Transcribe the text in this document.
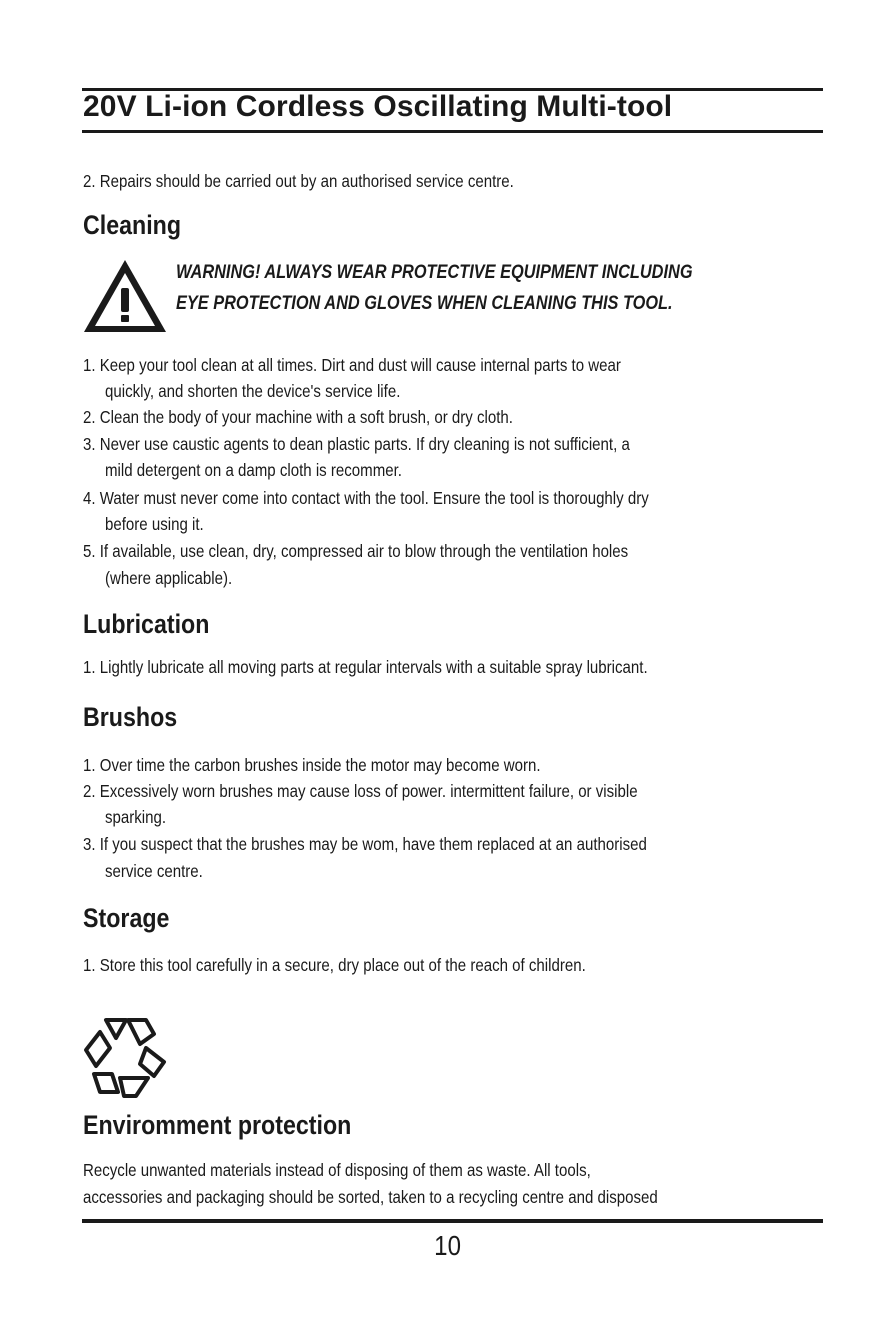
20V Li-ion Cordless Oscillating Multi-tool
2. Repairs should be carried out by an authorised service centre.
Cleaning
WARNING! ALWAYS WEAR PROTECTIVE EQUIPMENT INCLUDING
EYE PROTECTION AND GLOVES WHEN CLEANING THIS TOOL.
1. Keep your tool clean at all times. Dirt and dust will cause internal parts to wear
quickly, and shorten the device's service life.
2. Clean the body of your machine with a soft brush, or dry cloth.
3. Never use caustic agents to dean plastic parts. If dry cleaning is not sufficient, a
mild detergent on a damp cloth is recommer.
4. Water must never come into contact with the tool. Ensure the tool is thoroughly dry
before using it.
5. If available, use clean, dry, compressed air to blow through the ventilation holes
(where applicable).
Lubrication
1. Lightly lubricate all moving parts at regular intervals with a suitable spray lubricant.
Brushos
1. Over time the carbon brushes inside the motor may become worn.
2. Excessively worn brushes may cause loss of power. intermittent failure, or visible
sparking.
3. If you suspect that the brushes may be wom, have them replaced at an authorised
service centre.
Storage
1. Store this tool carefully in a secure, dry place out of the reach of children.
Enviromment protection
Recycle unwanted materials instead of disposing of them as waste. All tools,
accessories and packaging should be sorted, taken to a recycling centre and disposed
10
